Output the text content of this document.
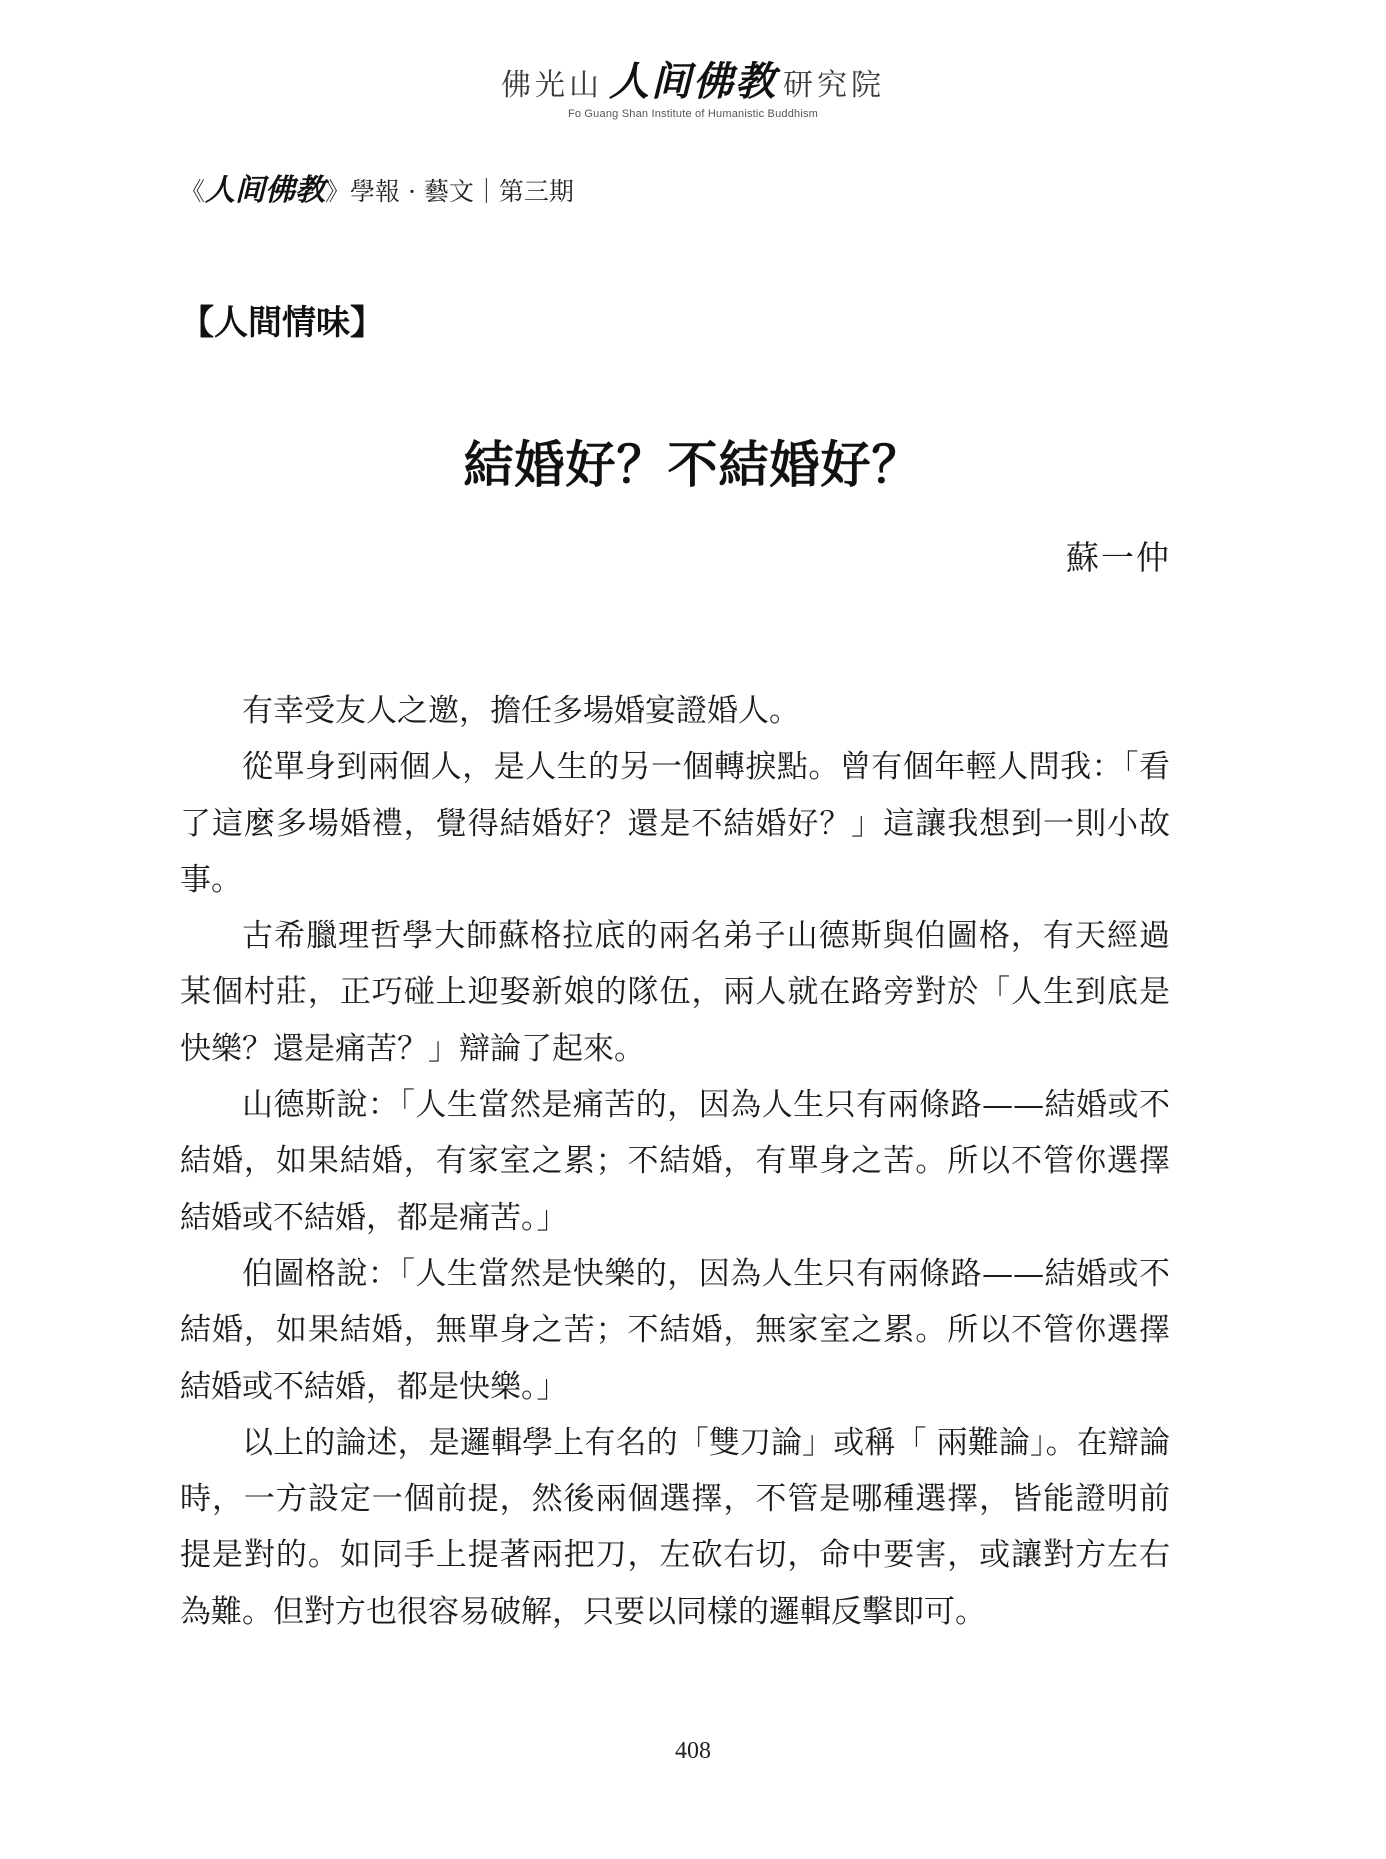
佛光山 人间佛教 研究院
Fo Guang Shan Institute of Humanistic Buddhism
《人间佛教》學報 · 藝文｜第三期
【人間情味】
結婚好？不結婚好？
蘇一仲

有幸受友人之邀，擔任多場婚宴證婚人。

從單身到兩個人，是人生的另一個轉捩點。曾有個年輕人問我：「看了這麼多場婚禮，覺得結婚好？還是不結婚好？」這讓我想到一則小故事。

古希臘理哲學大師蘇格拉底的兩名弟子山德斯與伯圖格，有天經過某個村莊，正巧碰上迎娶新娘的隊伍，兩人就在路旁對於「人生到底是快樂？還是痛苦？」辯論了起來。

山德斯說：「人生當然是痛苦的，因為人生只有兩條路——結婚或不結婚，如果結婚，有家室之累；不結婚，有單身之苦。所以不管你選擇結婚或不結婚，都是痛苦。」

伯圖格說：「人生當然是快樂的，因為人生只有兩條路——結婚或不結婚，如果結婚，無單身之苦；不結婚，無家室之累。所以不管你選擇結婚或不結婚，都是快樂。」

以上的論述，是邏輯學上有名的「雙刀論」或稱「 兩難論」。在辯論時，一方設定一個前提，然後兩個選擇，不管是哪種選擇，皆能證明前提是對的。如同手上提著兩把刀，左砍右切，命中要害，或讓對方左右為難。但對方也很容易破解，只要以同樣的邏輯反擊即可。

408
